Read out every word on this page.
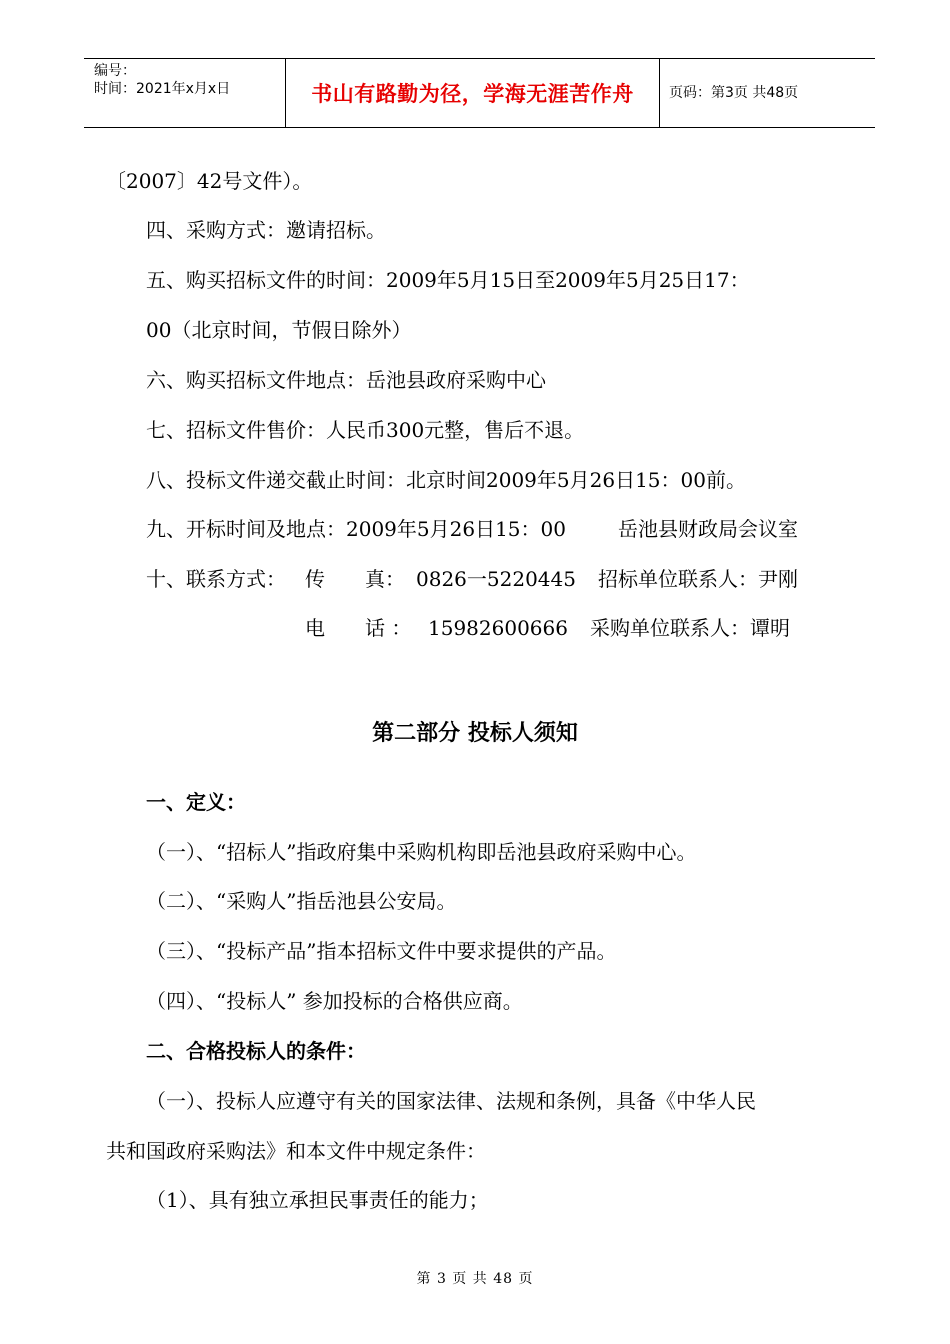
编号：
时间：2021年x月x日	书山有路勤为径，学海无涯苦作舟	页码：第3页 共48页
〔2007〕42号文件）。
四、采购方式：邀请招标。
五、购买招标文件的时间：2009年5月15日至2009年5月25日17：
00（北京时间，节假日除外）
六、购买招标文件地点：岳池县政府采购中心
七、招标文件售价：人民币300元整，售后不退。
八、投标文件递交截止时间：北京时间2009年5月26日15：00前。
九、开标时间及地点：2009年5月26日15：00	岳池县财政局会议室
十、联系方式： 传　　真： 0826一5220445 招标单位联系人：尹刚
电　　话 ： 15982600666 采购单位联系人：谭明
第二部分 投标人须知
一、定义：
（一）、“招标人”指政府集中采购机构即岳池县政府采购中心。
（二）、“采购人”指岳池县公安局。
（三）、“投标产品”指本招标文件中要求提供的产品。
（四）、“投标人” 参加投标的合格供应商。
二、合格投标人的条件：
（一）、投标人应遵守有关的国家法律、法规和条例，具备《中华人民
共和国政府采购法》和本文件中规定条件：
（1）、具有独立承担民事责任的能力；
第 3 页 共 48 页
